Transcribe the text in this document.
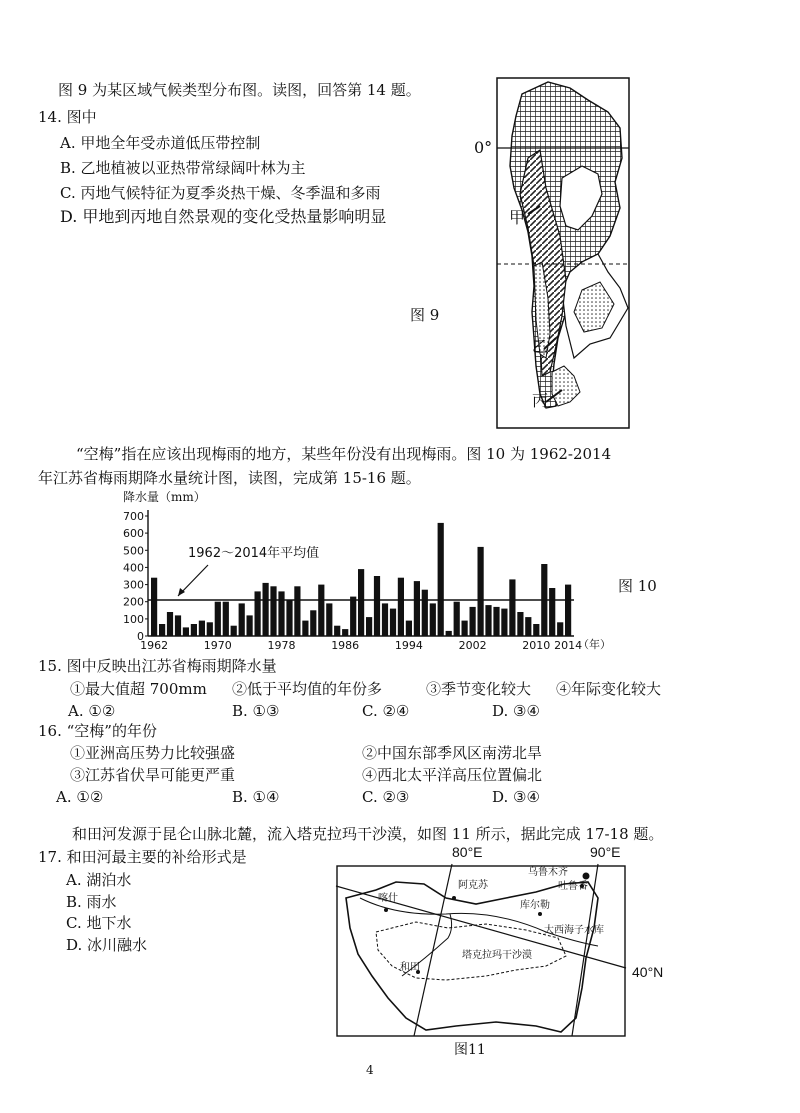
图 9 为某区域气候类型分布图。读图，回答第 14 题。
14. 图中
A. 甲地全年受赤道低压带控制
B. 乙地植被以亚热带常绿阔叶林为主
C. 丙地气候特征为夏季炎热干燥、冬季温和多雨
D. 甲地到丙地自然景观的变化受热量影响明显
图 9
0°
甲
乙
丙
“空梅”指在应该出现梅雨的地方，某些年份没有出现梅雨。图 10 为 1962-2014
年江苏省梅雨期降水量统计图，读图，完成第 15-16 题。
降水量（mm）
图 10
0
100
200
300
400
500
600
700
1962	1970	1978	1986	1994	2002	2010 2014
1962～2014年平均值
（年）
15. 图中反映出江苏省梅雨期降水量
①最大值超 700mm ②低于平均值的年份多	③季节变化较大 ④年际变化较大
A. ①②	B. ①③	C. ②④	D. ③④
16. “空梅”的年份
①亚洲高压势力比较强盛	②中国东部季风区南涝北旱
③江苏省伏旱可能更严重	④西北太平洋高压位置偏北
A. ①②	B. ①④	C. ②③	D. ③④
和田河发源于昆仑山脉北麓，流入塔克拉玛干沙漠，如图 11 所示，据此完成 17-18 题。
17. 和田河最主要的补给形式是
A. 湖泊水
B. 雨水
C. 地下水
D. 冰川融水
80°E	90°E
40°N
乌鲁木齐
吐鲁番
阿克苏
喀什
库尔勒
大西海子水库
和田
塔克拉玛干沙漠
图11
4
